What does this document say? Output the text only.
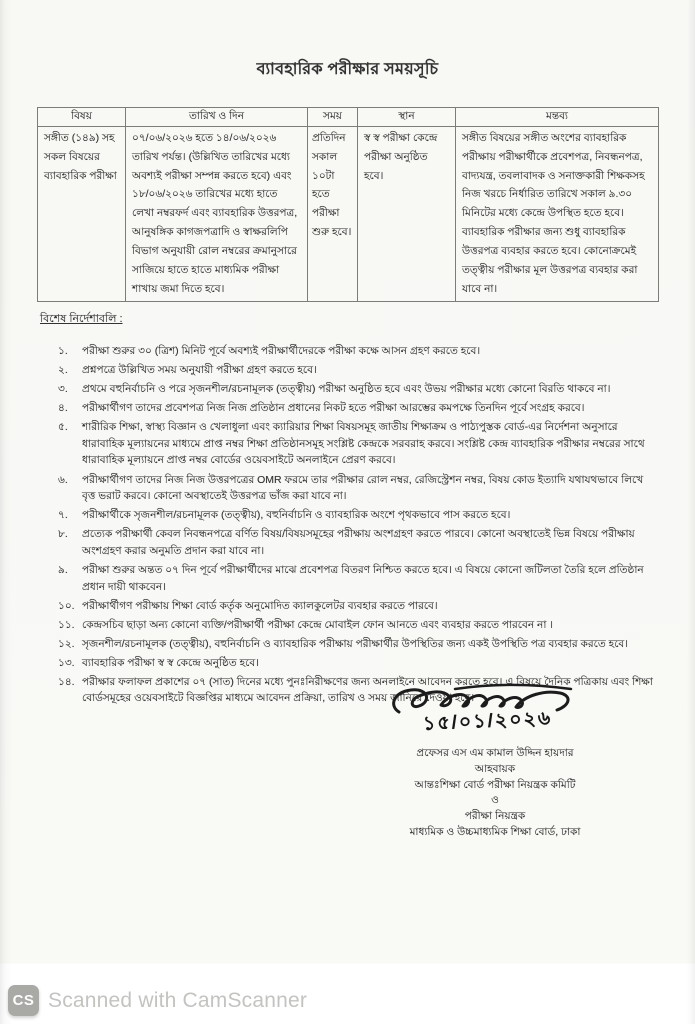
ব্যাবহারিক পরীক্ষার সময়সূচি
বিষয়	তারিখ ও দিন	সময়	স্থান	মন্তব্য
সঙ্গীত (১৪৯) সহ সকল বিষয়ের ব্যাবহারিক পরীক্ষা	০৭/০৬/২০২৬ হতে ১৪/০৬/২০২৬ তারিখ পর্যন্ত। (উল্লিখিত তারিখের মধ্যে অবশ্যই পরীক্ষা সম্পন্ন করতে হবে) এবং ১৮/০৬/২০২৬ তারিখের মধ্যে হাতে লেখা নম্বরফর্দ এবং ব্যাবহারিক উত্তরপত্র, আনুষঙ্গিক কাগজপত্রাদি ও স্বাক্ষরলিপি বিভাগ অনুযায়ী রোল নম্বরের ক্রমানুসারে সাজিয়ে হাতে হাতে মাধ্যমিক পরীক্ষা শাখায় জমা দিতে হবে।	প্রতিদিন সকাল ১০টা হতে পরীক্ষা শুরু হবে।	স্ব স্ব পরীক্ষা কেন্দ্রে পরীক্ষা অনুষ্ঠিত হবে।	সঙ্গীত বিষয়ের সঙ্গীত অংশের ব্যাবহারিক পরীক্ষায় পরীক্ষার্থীকে প্রবেশপত্র, নিবন্ধনপত্র, বাদ্যযন্ত্র, তবলাবাদক ও সনাক্তকারী শিক্ষকসহ নিজ খরচে নির্ধারিত তারিখে সকাল ৯.৩০ মিনিটের মধ্যে কেন্দ্রে উপস্থিত হতে হবে। ব্যাবহারিক পরীক্ষার জন্য শুধু ব্যাবহারিক উত্তরপত্র ব্যবহার করতে হবে। কোনোক্রমেই তত্ত্বীয় পরীক্ষার মূল উত্তরপত্র ব্যবহার করা যাবে না।
বিশেষ নির্দেশাবলি :
১.	পরীক্ষা শুরুর ৩০ (ত্রিশ) মিনিট পূর্বে অবশ্যই পরীক্ষার্থীদেরকে পরীক্ষা কক্ষে আসন গ্রহণ করতে হবে।
২.	প্রশ্নপত্রে উল্লিখিত সময় অনুযায়ী পরীক্ষা গ্রহণ করতে হবে।
৩.	প্রথমে বহুনির্বাচনি ও পরে সৃজনশীল/রচনামূলক (তত্ত্বীয়) পরীক্ষা অনুষ্ঠিত হবে এবং উভয় পরীক্ষার মধ্যে কোনো বিরতি থাকবে না।
৪.	পরীক্ষার্থীগণ তাদের প্রবেশপত্র নিজ নিজ প্রতিষ্ঠান প্রধানের নিকট হতে পরীক্ষা আরম্ভের কমপক্ষে তিনদিন পূর্বে সংগ্রহ করবে।
৫.	শারীরিক শিক্ষা, স্বাস্থ্য বিজ্ঞান ও খেলাধুলা এবং ক্যারিয়ার শিক্ষা বিষয়সমূহ জাতীয় শিক্ষাক্রম ও পাঠ্যপুস্তক বোর্ড-এর নির্দেশনা অনুসারে ধারাবাহিক মূল্যায়নের মাধ্যমে প্রাপ্ত নম্বর শিক্ষা প্রতিষ্ঠানসমূহ সংশ্লিষ্ট কেন্দ্রকে সরবরাহ করবে। সংশ্লিষ্ট কেন্দ্র ব্যাবহারিক পরীক্ষার নম্বরের সাথে ধারাবাহিক মূল্যায়নে প্রাপ্ত নম্বর বোর্ডের ওয়েবসাইটে অনলাইনে প্রেরণ করবে।
৬.	পরীক্ষার্থীগণ তাদের নিজ নিজ উত্তরপত্রের OMR ফরমে তার পরীক্ষার রোল নম্বর, রেজিস্ট্রেশন নম্বর, বিষয় কোড ইত্যাদি যথাযথভাবে লিখে বৃত্ত ভরাট করবে। কোনো অবস্থাতেই উত্তরপত্র ভাঁজ করা যাবে না।
৭.	পরীক্ষার্থীকে সৃজনশীল/রচনামূলক (তত্ত্বীয়), বহুনির্বাচনি ও ব্যাবহারিক অংশে পৃথকভাবে পাস করতে হবে।
৮.	প্রত্যেক পরীক্ষার্থী কেবল নিবন্ধনপত্রে বর্ণিত বিষয়/বিষয়সমূহের পরীক্ষায় অংশগ্রহণ করতে পারবে। কোনো অবস্থাতেই ভিন্ন বিষয়ে পরীক্ষায় অংশগ্রহণ করার অনুমতি প্রদান করা যাবে না।
৯.	পরীক্ষা শুরুর অন্তত ০৭ দিন পূর্বে পরীক্ষার্থীদের মাঝে প্রবেশপত্র বিতরণ নিশ্চিত করতে হবে। এ বিষয়ে কোনো জটিলতা তৈরি হলে প্রতিষ্ঠান প্রধান দায়ী থাকবেন।
১০. পরীক্ষার্থীগণ পরীক্ষায় শিক্ষা বোর্ড কর্তৃক অনুমোদিত ক্যালকুলেটর ব্যবহার করতে পারবে।
১১. কেন্দ্রসচিব ছাড়া অন্য কোনো ব্যক্তি/পরীক্ষার্থী পরীক্ষা কেন্দ্রে মোবাইল ফোন আনতে এবং ব্যবহার করতে পারবেন না ।
১২. সৃজনশীল/রচনামূলক (তত্ত্বীয়), বহুনির্বাচনি ও ব্যাবহারিক পরীক্ষায় পরীক্ষার্থীর উপস্থিতির জন্য একই উপস্থিতি পত্র ব্যবহার করতে হবে।
১৩. ব্যাবহারিক পরীক্ষা স্ব স্ব কেন্দ্রে অনুষ্ঠিত হবে।
১৪. পরীক্ষার ফলাফল প্রকাশের ০৭ (সাত) দিনের মধ্যে পুনঃনিরীক্ষণের জন্য অনলাইনে আবেদন করতে হবে। এ বিষয়ে দৈনিক পত্রিকায় এবং শিক্ষা বোর্ডসমূহের ওয়েবসাইটে বিজ্ঞপ্তির মাধ্যমে আবেদন প্রক্রিয়া, তারিখ ও সময় জানিয়ে দেওয়া হবে।
১৫/০১/২০২৬
প্রফেসর এস এম কামাল উদ্দিন হায়দার
আহবায়ক
আন্তঃশিক্ষা বোর্ড পরীক্ষা নিয়ন্ত্রক কমিটি
ও
পরীক্ষা নিয়ন্ত্রক
মাধ্যমিক ও উচ্চমাধ্যমিক শিক্ষা বোর্ড, ঢাকা
CS Scanned with CamScanner
